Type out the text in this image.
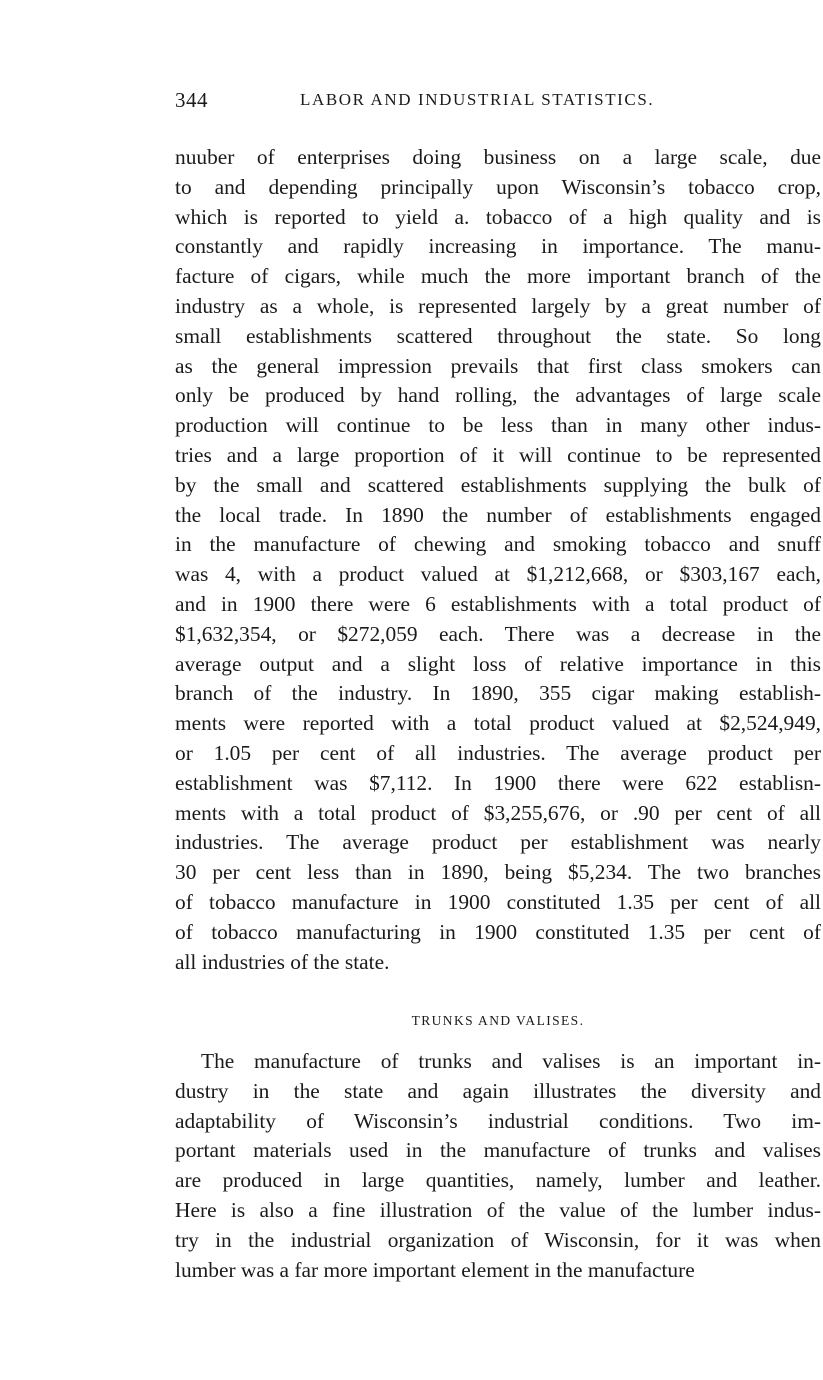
344	LABOR AND INDUSTRIAL STATISTICS.
nuuber of enterprises doing business on a large scale, due
to and depending principally upon Wisconsin’s tobacco crop,
which is reported to yield a. tobacco of a high quality and is
constantly and rapidly increasing in importance. The manu-
facture of cigars, while much the more important branch of the
industry as a whole, is represented largely by a great number of
small establishments scattered throughout the state. So long
as the general impression prevails that first class smokers can
only be produced by hand rolling, the advantages of large scale
production will continue to be less than in many other indus-
tries and a large proportion of it will continue to be represented
by the small and scattered establishments supplying the bulk of
the local trade. In 1890 the number of establishments engaged
in the manufacture of chewing and smoking tobacco and snuff
was 4, with a product valued at $1,212,668, or $303,167 each,
and in 1900 there were 6 establishments with a total product of
$1,632,354, or $272,059 each. There was a decrease in the
average output and a slight loss of relative importance in this
branch of the industry. In 1890, 355 cigar making establish-
ments were reported with a total product valued at $2,524,949,
or 1.05 per cent of all industries. The average product per
establishment was $7,112. In 1900 there were 622 establisn-
ments with a total product of $3,255,676, or .90 per cent of all
industries. The average product per establishment was nearly
30 per cent less than in 1890, being $5,234. The two branches
of tobacco manufacture in 1900 constituted 1.35 per cent of all
of tobacco manufacturing in 1900 constituted 1.35 per cent of
all industries of the state.
TRUNKS AND VALISES.
The manufacture of trunks and valises is an important in-
dustry in the state and again illustrates the diversity and
adaptability of Wisconsin’s industrial conditions. Two im-
portant materials used in the manufacture of trunks and valises
are produced in large quantities, namely, lumber and leather.
Here is also a fine illustration of the value of the lumber indus-
try in the industrial organization of Wisconsin, for it was when
lumber was a far more important element in the manufacture
